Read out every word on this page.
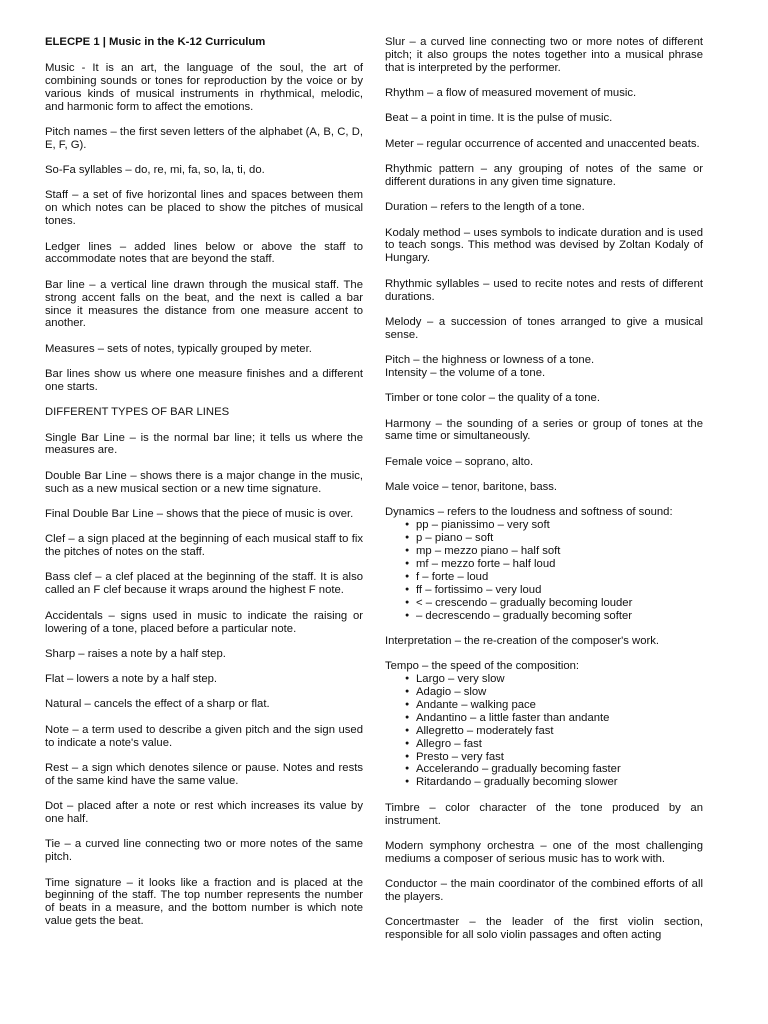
ELECPE 1 | Music in the K-12 Curriculum

Music - It is an art, the language of the soul, the art of combining sounds or tones for reproduction by the voice or by various kinds of musical instruments in rhythmical, melodic, and harmonic form to affect the emotions.

Pitch names – the first seven letters of the alphabet (A, B, C, D, E, F, G).

So-Fa syllables – do, re, mi, fa, so, la, ti, do.

Staff – a set of five horizontal lines and spaces between them on which notes can be placed to show the pitches of musical tones.

Ledger lines – added lines below or above the staff to accommodate notes that are beyond the staff.

Bar line – a vertical line drawn through the musical staff. The strong accent falls on the beat, and the next is called a bar since it measures the distance from one measure accent to another.

Measures – sets of notes, typically grouped by meter.

Bar lines show us where one measure finishes and a different one starts.

DIFFERENT TYPES OF BAR LINES

Single Bar Line – is the normal bar line; it tells us where the measures are.

Double Bar Line – shows there is a major change in the music, such as a new musical section or a new time signature.

Final Double Bar Line – shows that the piece of music is over.

Clef – a sign placed at the beginning of each musical staff to fix the pitches of notes on the staff.

Bass clef – a clef placed at the beginning of the staff. It is also called an F clef because it wraps around the highest F note.

Accidentals – signs used in music to indicate the raising or lowering of a tone, placed before a particular note.

Sharp – raises a note by a half step.

Flat – lowers a note by a half step.

Natural – cancels the effect of a sharp or flat.

Note – a term used to describe a given pitch and the sign used to indicate a note's value.

Rest – a sign which denotes silence or pause. Notes and rests of the same kind have the same value.

Dot – placed after a note or rest which increases its value by one half.

Tie – a curved line connecting two or more notes of the same pitch.

Time signature – it looks like a fraction and is placed at the beginning of the staff. The top number represents the number of beats in a measure, and the bottom number is which note value gets the beat.

Slur – a curved line connecting two or more notes of different pitch; it also groups the notes together into a musical phrase that is interpreted by the performer.

Rhythm – a flow of measured movement of music.

Beat – a point in time. It is the pulse of music.

Meter – regular occurrence of accented and unaccented beats.

Rhythmic pattern – any grouping of notes of the same or different durations in any given time signature.

Duration – refers to the length of a tone.

Kodaly method – uses symbols to indicate duration and is used to teach songs. This method was devised by Zoltan Kodaly of Hungary.

Rhythmic syllables – used to recite notes and rests of different durations.

Melody – a succession of tones arranged to give a musical sense.

Pitch – the highness or lowness of a tone.

Intensity – the volume of a tone.

Timber or tone color – the quality of a tone.

Harmony – the sounding of a series or group of tones at the same time or simultaneously.

Female voice – soprano, alto.

Male voice – tenor, baritone, bass.

Dynamics – refers to the loudness and softness of sound:

● pp – pianissimo – very soft
● p – piano – soft
● mp – mezzo piano – half soft
● mf – mezzo forte – half loud
● f – forte – loud
● ff – fortissimo – very loud
● < – crescendo – gradually becoming louder
● – decrescendo – gradually becoming softer

Interpretation – the re-creation of the composer's work.

Tempo – the speed of the composition:

● Largo – very slow
● Adagio – slow
● Andante – walking pace
● Andantino – a little faster than andante
● Allegretto – moderately fast
● Allegro – fast
● Presto – very fast
● Accelerando – gradually becoming faster
● Ritardando – gradually becoming slower

Timbre – color character of the tone produced by an instrument.

Modern symphony orchestra – one of the most challenging mediums a composer of serious music has to work with.

Conductor – the main coordinator of the combined efforts of all the players.

Concertmaster – the leader of the first violin section, responsible for all solo violin passages and often acting
